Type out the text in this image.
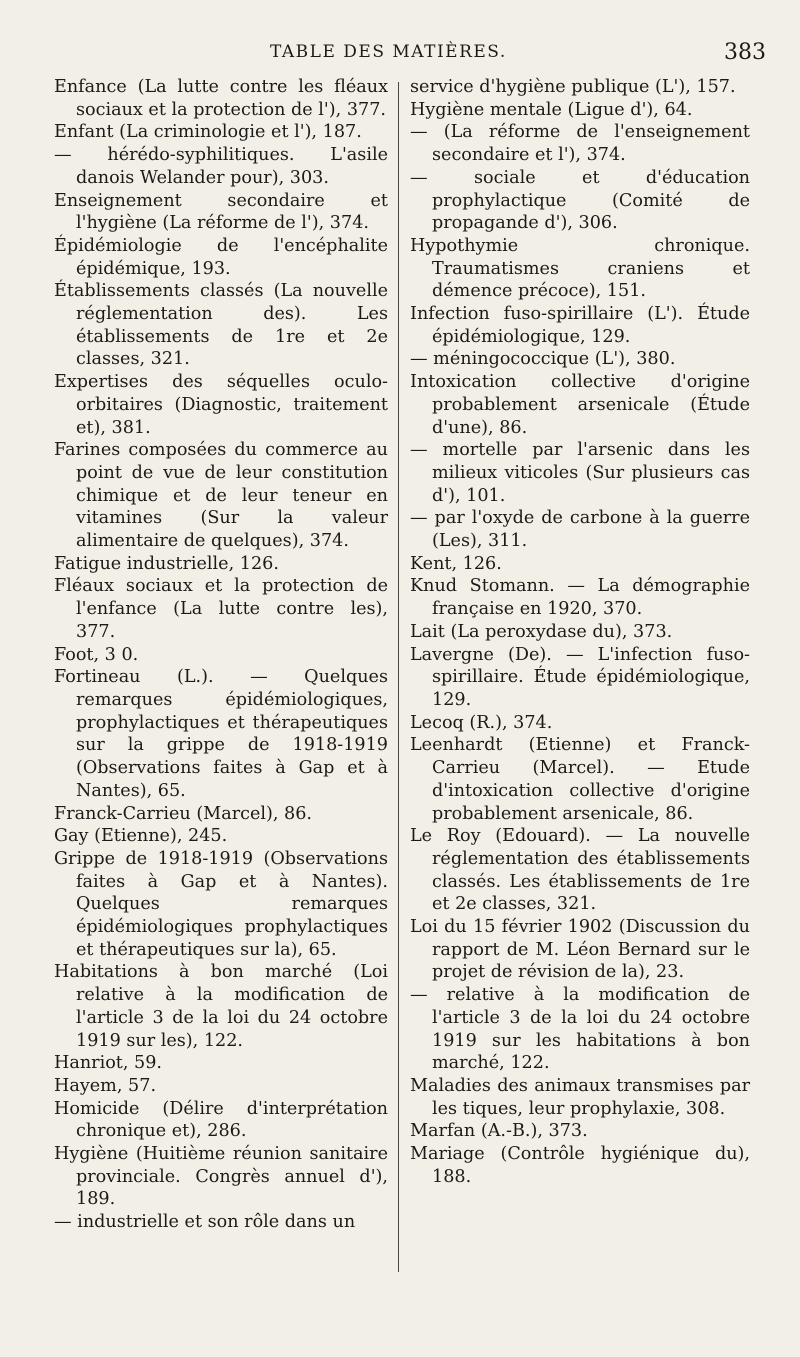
TABLE DES MATIÈRES.	383
Enfance (La lutte contre les fléaux sociaux et la protection de l'), 377.
Enfant (La criminologie et l'), 187.
— hérédo-syphilitiques. L'asile danois Welander pour), 303.
Enseignement secondaire et l'hygiène (La réforme de l'), 374.
Épidémiologie de l'encéphalite épidémique, 193.
Établissements classés (La nouvelle réglementation des). Les établissements de 1re et 2e classes, 321.
Expertises des séquelles oculo-orbitaires (Diagnostic, traitement et), 381.
Farines composées du commerce au point de vue de leur constitution chimique et de leur teneur en vitamines (Sur la valeur alimentaire de quelques), 374.
Fatigue industrielle, 126.
Fléaux sociaux et la protection de l'enfance (La lutte contre les), 377.
Foot, 3 0.
Fortineau (L.). — Quelques remarques épidémiologiques, prophylactiques et thérapeutiques sur la grippe de 1918-1919 (Observations faites à Gap et à Nantes), 65.
Franck-Carrieu (Marcel), 86.
Gay (Etienne), 245.
Grippe de 1918-1919 (Observations faites à Gap et à Nantes). Quelques remarques épidémiologiques prophylactiques et thérapeutiques sur la), 65.
Habitations à bon marché (Loi relative à la modification de l'article 3 de la loi du 24 octobre 1919 sur les), 122.
Hanriot, 59.
Hayem, 57.
Homicide (Délire d'interprétation chronique et), 286.
Hygiène (Huitième réunion sanitaire provinciale. Congrès annuel d'), 189.
— industrielle et son rôle dans un
service d'hygiène publique (L'), 157.
Hygiène mentale (Ligue d'), 64.
— (La réforme de l'enseignement secondaire et l'), 374.
— sociale et d'éducation prophylactique (Comité de propagande d'), 306.
Hypothymie chronique. Traumatismes craniens et démence précoce), 151.
Infection fuso-spirillaire (L'). Étude épidémiologique, 129.
— méningococcique (L'), 380.
Intoxication collective d'origine probablement arsenicale (Étude d'une), 86.
— mortelle par l'arsenic dans les milieux viticoles (Sur plusieurs cas d'), 101.
— par l'oxyde de carbone à la guerre (Les), 311.
Kent, 126.
Knud Stomann. — La démographie française en 1920, 370.
Lait (La peroxydase du), 373.
Lavergne (De). — L'infection fuso-spirillaire. Étude épidémiologique, 129.
Lecoq (R.), 374.
Leenhardt (Etienne) et Franck-Carrieu (Marcel). — Etude d'intoxication collective d'origine probablement arsenicale, 86.
Le Roy (Edouard). — La nouvelle réglementation des établissements classés. Les établissements de 1re et 2e classes, 321.
Loi du 15 février 1902 (Discussion du rapport de M. Léon Bernard sur le projet de révision de la), 23.
— relative à la modification de l'article 3 de la loi du 24 octobre 1919 sur les habitations à bon marché, 122.
Maladies des animaux transmises par les tiques, leur prophylaxie, 308.
Marfan (A.-B.), 373.
Mariage (Contrôle hygiénique du), 188.
